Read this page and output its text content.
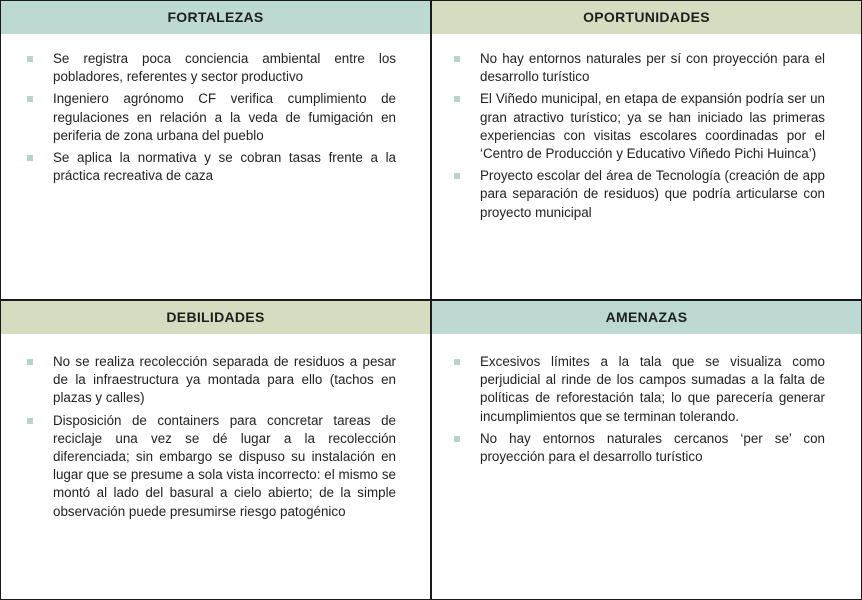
FORTALEZAS
Se registra poca conciencia ambiental entre los pobladores, referentes y sector productivo
Ingeniero agrónomo CF verifica cumplimiento de regulaciones en relación a la veda de fumigación en periferia de zona urbana del pueblo
Se aplica la normativa y se cobran tasas frente a la práctica recreativa de caza
OPORTUNIDADES
No hay entornos naturales per sí con proyección para el desarrollo turístico
El Viñedo municipal, en etapa de expansión podría ser un gran atractivo turístico; ya se han iniciado las primeras experiencias con visitas escolares coordinadas por el ‘Centro de Producción y Educativo Viñedo Pichi Huinca’)
Proyecto escolar del área de Tecnología (creación de app para separación de residuos) que podría articularse con proyecto municipal
DEBILIDADES
No se realiza recolección separada de residuos a pesar de la infraestructura ya montada para ello (tachos en plazas y calles)
Disposición de containers para concretar tareas de reciclaje una vez se dé lugar a la recolección diferenciada; sin embargo se dispuso su instalación en lugar que se presume a sola vista incorrecto: el mismo se montó al lado del basural a cielo abierto; de la simple observación puede presumirse riesgo patogénico
AMENAZAS
Excesivos límites a la tala que se visualiza como perjudicial al rinde de los campos sumadas a la falta de políticas de reforestación tala; lo que parecería generar incumplimientos que se terminan tolerando.
No hay entornos naturales cercanos ‘per se’ con proyección para el desarrollo turístico
